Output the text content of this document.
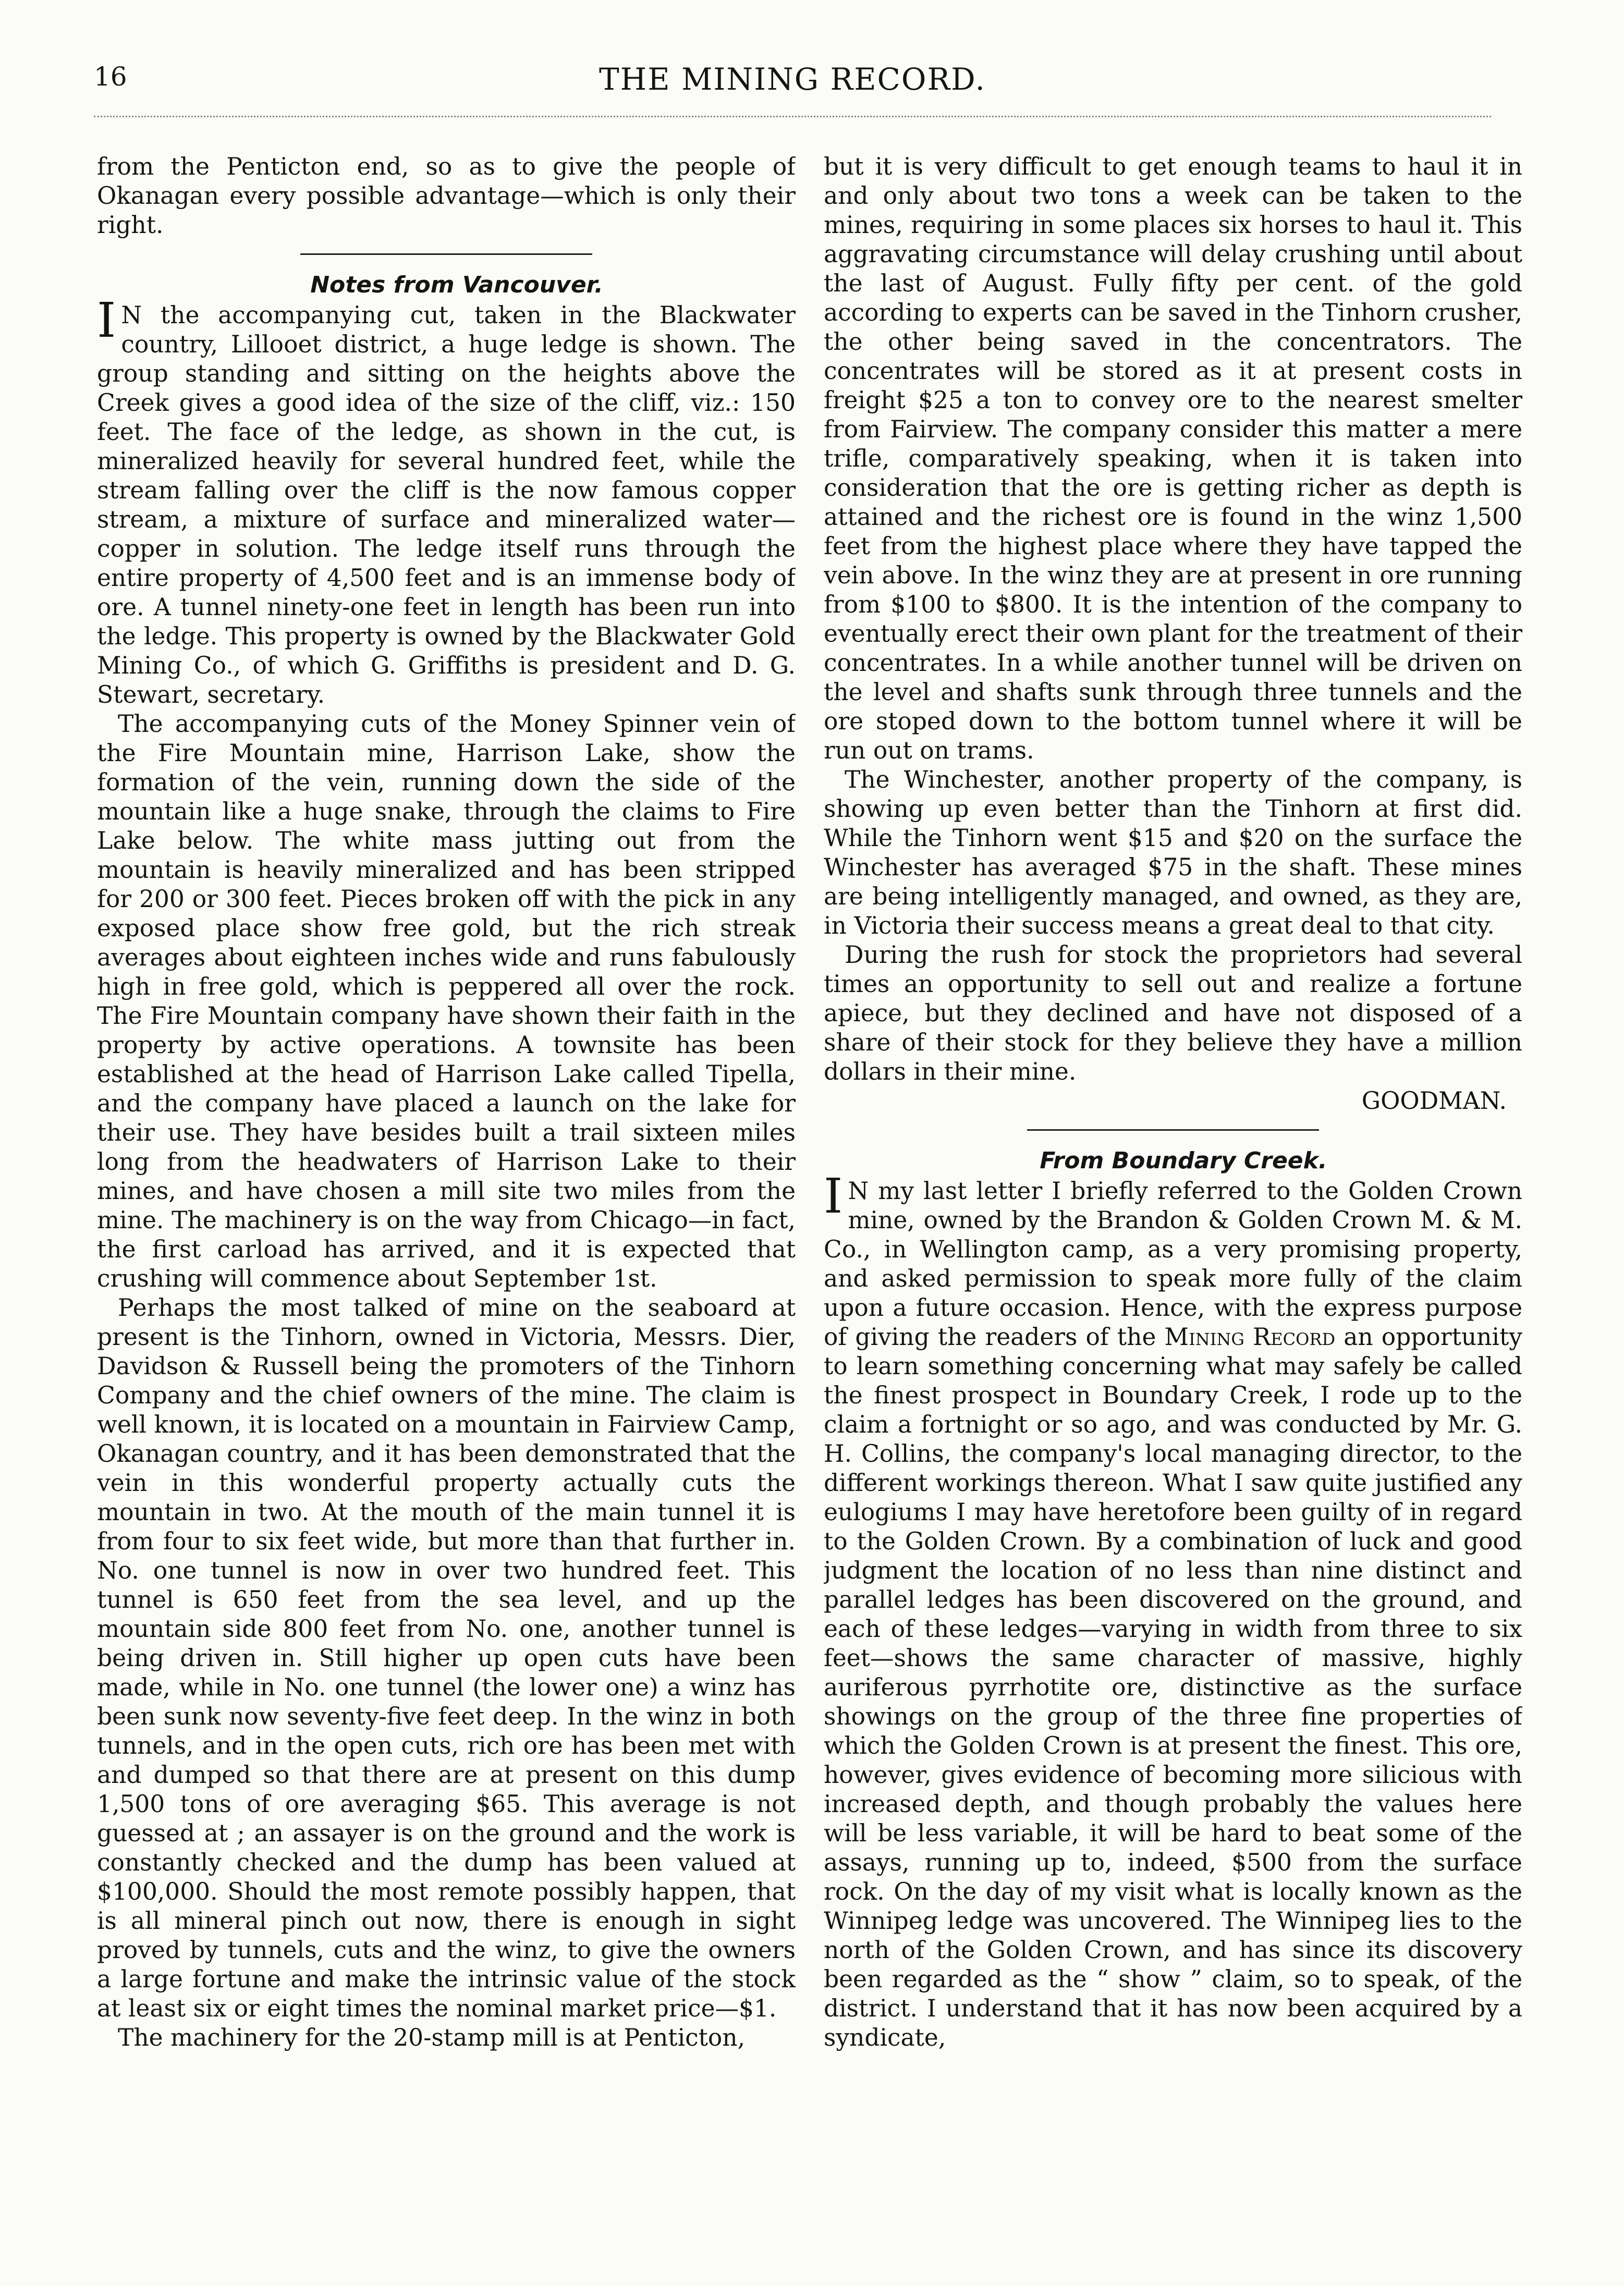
16	THE MINING RECORD.

from the Penticton end, so as to give the people of Okanagan every possible advantage—which is only their right.

Notes from Vancouver.

I N the accompanying cut, taken in the Blackwater country, Lillooet district, a huge ledge is shown. The group standing and sitting on the heights above the Creek gives a good idea of the size of the cliff, viz.: 150 feet. The face of the ledge, as shown in the cut, is mineralized heavily for several hundred feet, while the stream falling over the cliff is the now famous copper stream, a mixture of surface and mineralized water—copper in solution. The ledge itself runs through the entire property of 4,500 feet and is an immense body of ore. A tunnel ninety-one feet in length has been run into the ledge. This property is owned by the Blackwater Gold Mining Co., of which G. Griffiths is president and D. G. Stewart, secretary.

The accompanying cuts of the Money Spinner vein of the Fire Mountain mine, Harrison Lake, show the formation of the vein, running down the side of the mountain like a huge snake, through the claims to Fire Lake below. The white mass jutting out from the mountain is heavily mineralized and has been stripped for 200 or 300 feet. Pieces broken off with the pick in any exposed place show free gold, but the rich streak averages about eighteen inches wide and runs fabulously high in free gold, which is peppered all over the rock. The Fire Mountain company have shown their faith in the property by active operations. A townsite has been established at the head of Harrison Lake called Tipella, and the company have placed a launch on the lake for their use. They have besides built a trail sixteen miles long from the headwaters of Harrison Lake to their mines, and have chosen a mill site two miles from the mine. The machinery is on the way from Chicago—in fact, the first carload has arrived, and it is expected that crushing will commence about September 1st.

Perhaps the most talked of mine on the seaboard at present is the Tinhorn, owned in Victoria, Messrs. Dier, Davidson & Russell being the promoters of the Tinhorn Company and the chief owners of the mine. The claim is well known, it is located on a mountain in Fairview Camp, Okanagan country, and it has been demonstrated that the vein in this wonderful property actually cuts the mountain in two. At the mouth of the main tunnel it is from four to six feet wide, but more than that further in. No. one tunnel is now in over two hundred feet. This tunnel is 650 feet from the sea level, and up the mountain side 800 feet from No. one, another tunnel is being driven in. Still higher up open cuts have been made, while in No. one tunnel (the lower one) a winz has been sunk now seventy-five feet deep. In the winz in both tunnels, and in the open cuts, rich ore has been met with and dumped so that there are at present on this dump 1,500 tons of ore averaging $65. This average is not guessed at ; an assayer is on the ground and the work is constantly checked and the dump has been valued at $100,000. Should the most remote possibly happen, that is all mineral pinch out now, there is enough in sight proved by tunnels, cuts and the winz, to give the owners a large fortune and make the intrinsic value of the stock at least six or eight times the nominal market price—$1.

The machinery for the 20-stamp mill is at Penticton,

but it is very difficult to get enough teams to haul it in and only about two tons a week can be taken to the mines, requiring in some places six horses to haul it. This aggravating circumstance will delay crushing until about the last of August. Fully fifty per cent. of the gold according to experts can be saved in the Tinhorn crusher, the other being saved in the concentrators. The concentrates will be stored as it at present costs in freight $25 a ton to convey ore to the nearest smelter from Fairview. The company consider this matter a mere trifle, comparatively speaking, when it is taken into consideration that the ore is getting richer as depth is attained and the richest ore is found in the winz 1,500 feet from the highest place where they have tapped the vein above. In the winz they are at present in ore running from $100 to $800. It is the intention of the company to eventually erect their own plant for the treatment of their concentrates. In a while another tunnel will be driven on the level and shafts sunk through three tunnels and the ore stoped down to the bottom tunnel where it will be run out on trams.

The Winchester, another property of the company, is showing up even better than the Tinhorn at first did. While the Tinhorn went $15 and $20 on the surface the Winchester has averaged $75 in the shaft. These mines are being intelligently managed, and owned, as they are, in Victoria their success means a great deal to that city.

During the rush for stock the proprietors had several times an opportunity to sell out and realize a fortune apiece, but they declined and have not disposed of a share of their stock for they believe they have a million dollars in their mine.

GOODMAN.

From Boundary Creek.

I N my last letter I briefly referred to the Golden Crown mine, owned by the Brandon & Golden Crown M. & M. Co., in Wellington camp, as a very promising property, and asked permission to speak more fully of the claim upon a future occasion. Hence, with the express purpose of giving the readers of the Mining Record an opportunity to learn something concerning what may safely be called the finest prospect in Boundary Creek, I rode up to the claim a fortnight or so ago, and was conducted by Mr. G. H. Collins, the company's local managing director, to the different workings thereon. What I saw quite justified any eulogiums I may have heretofore been guilty of in regard to the Golden Crown. By a combination of luck and good judgment the location of no less than nine distinct and parallel ledges has been discovered on the ground, and each of these ledges—varying in width from three to six feet—shows the same character of massive, highly auriferous pyrrhotite ore, distinctive as the surface showings on the group of the three fine properties of which the Golden Crown is at present the finest. This ore, however, gives evidence of becoming more silicious with increased depth, and though probably the values here will be less variable, it will be hard to beat some of the assays, running up to, indeed, $500 from the surface rock. On the day of my visit what is locally known as the Winnipeg ledge was uncovered. The Winnipeg lies to the north of the Golden Crown, and has since its discovery been regarded as the “ show ” claim, so to speak, of the district. I understand that it has now been acquired by a syndicate,
